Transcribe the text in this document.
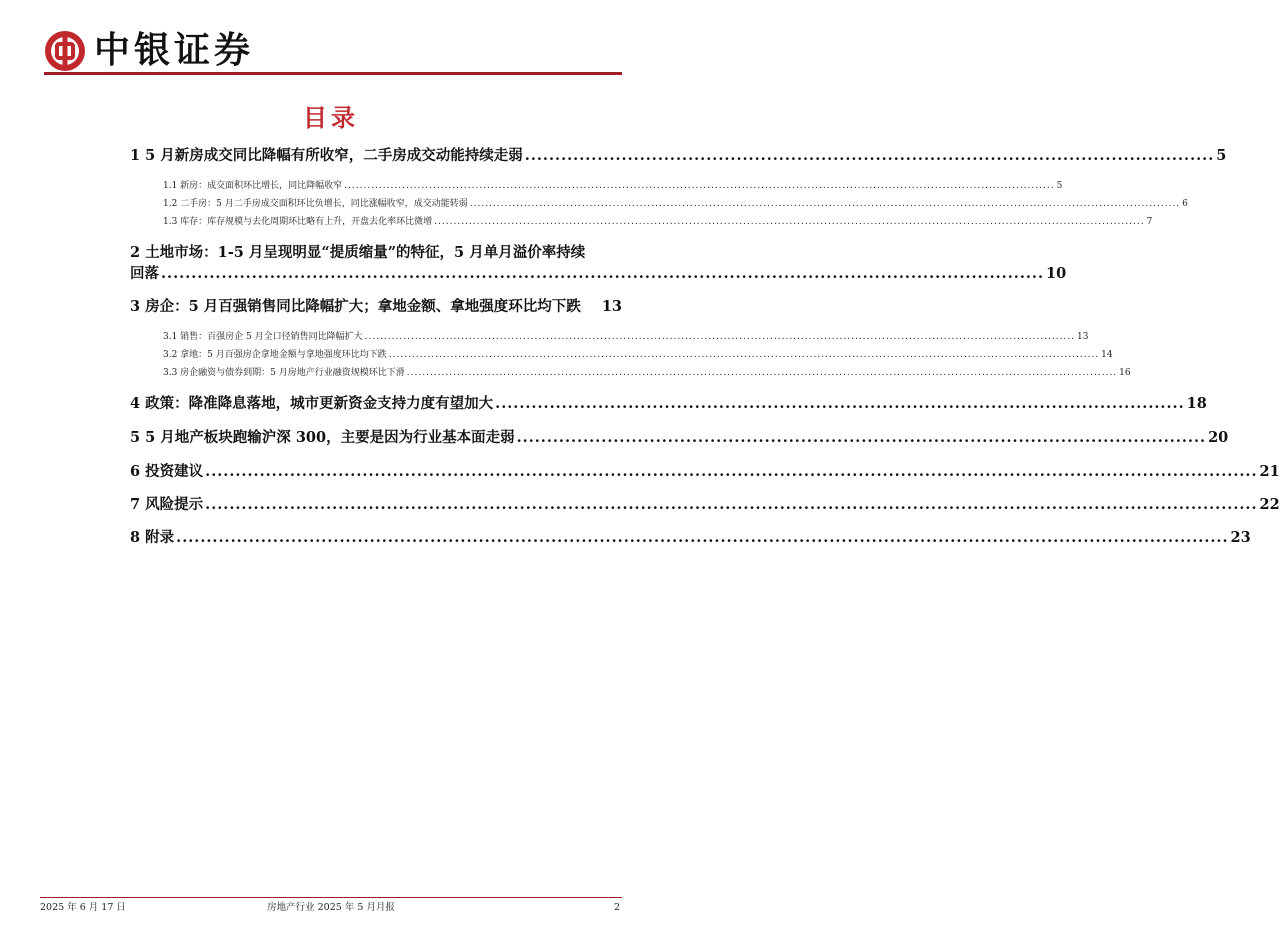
中银证券
目录
1 5 月新房成交同比降幅有所收窄，二手房成交动能持续走弱 .................................................................................................................. 5
1.1 新房：成交面积环比增长，同比降幅收窄 ........................................................................................................................................................................................ 5
1.2 二手房：5 月二手房成交面积环比负增长，同比涨幅收窄，成交动能转弱 ........................................................................................................................................................................................ 6
1.3 库存：库存规模与去化周期环比略有上升，开盘去化率环比微增 ........................................................................................................................................................................................ 7
2 土地市场：1-5 月呈现明显“提质缩量”的特征，5 月单月溢价率持续
回落 .................................................................................................................................................. 10
3 房企：5 月百强销售同比降幅扩大；拿地金额、拿地强度环比均下跌 13
3.1 销售：百强房企 5 月全口径销售同比降幅扩大 ........................................................................................................................................................................................ 13
3.2 拿地：5 月百强房企拿地金额与拿地强度环比均下跌 ........................................................................................................................................................................................ 14
3.3 房企融资与债券到期：5 月房地产行业融资规模环比下滑 ........................................................................................................................................................................................ 16
4 政策：降准降息落地，城市更新资金支持力度有望加大 .................................................................................................................. 18
5 5 月地产板块跑输沪深 300，主要是因为行业基本面走弱 .................................................................................................................. 20
6 投资建议 .............................................................................................................................................................................. 21
7 风险提示 .............................................................................................................................................................................. 22
8 附录 .............................................................................................................................................................................. 23
2025 年 6 月 17 日	房地产行业 2025 年 5 月月报	2
